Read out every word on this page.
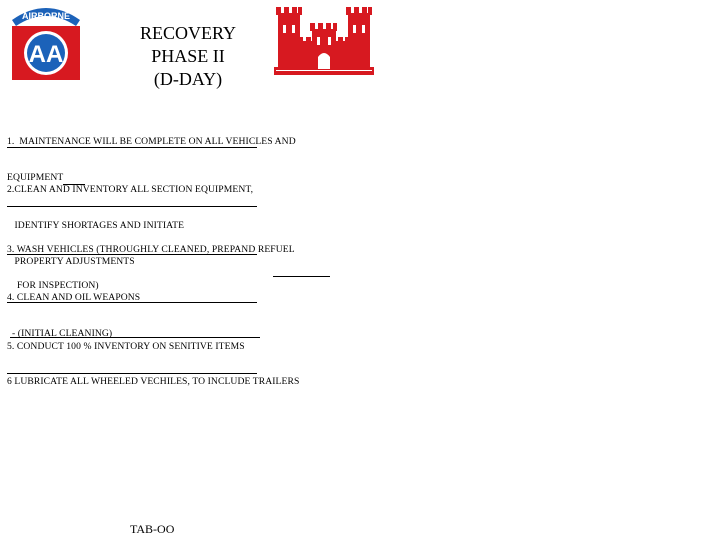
AIRBORNE
AA
RECOVERY
PHASE II
(D-DAY)

1.  MAINTENANCE WILL BE COMPLETE ON ALL VEHICLES AND

EQUIPMENT

2.CLEAN AND INVENTORY ALL SECTION EQUIPMENT,

IDENTIFY SHORTAGES AND INITIATE

PROPERTY ADJUSTMENTS

3. WASH VEHICLES (THROUGHLY CLEANED, PREPAND REFUEL

FOR INSPECTION)

4. CLEAN AND OIL WEAPONS

- (INITIAL CLEANING)

5. CONDUCT 100 % INVENTORY ON SENITIVE ITEMS

6 LUBRICATE ALL WHEELED VECHILES, TO INCLUDE TRAILERS

TAB-OO
